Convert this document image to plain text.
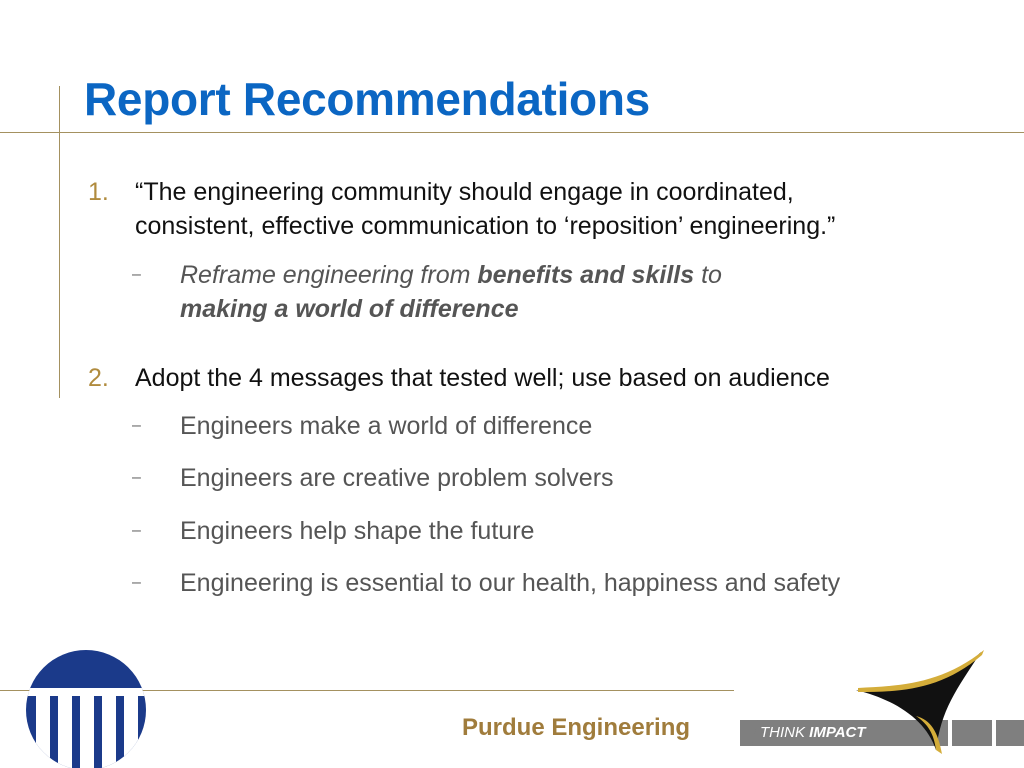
Report Recommendations
1. “The engineering community should engage in coordinated,
consistent, effective communication to ‘reposition’ engineering.”
– Reframe engineering from benefits and skills to
making a world of difference
2. Adopt the 4 messages that tested well; use based on audience
– Engineers make a world of difference
– Engineers are creative problem solvers
– Engineers help shape the future
– Engineering is essential to our health, happiness and safety
Purdue Engineering	THINK IMPACT
